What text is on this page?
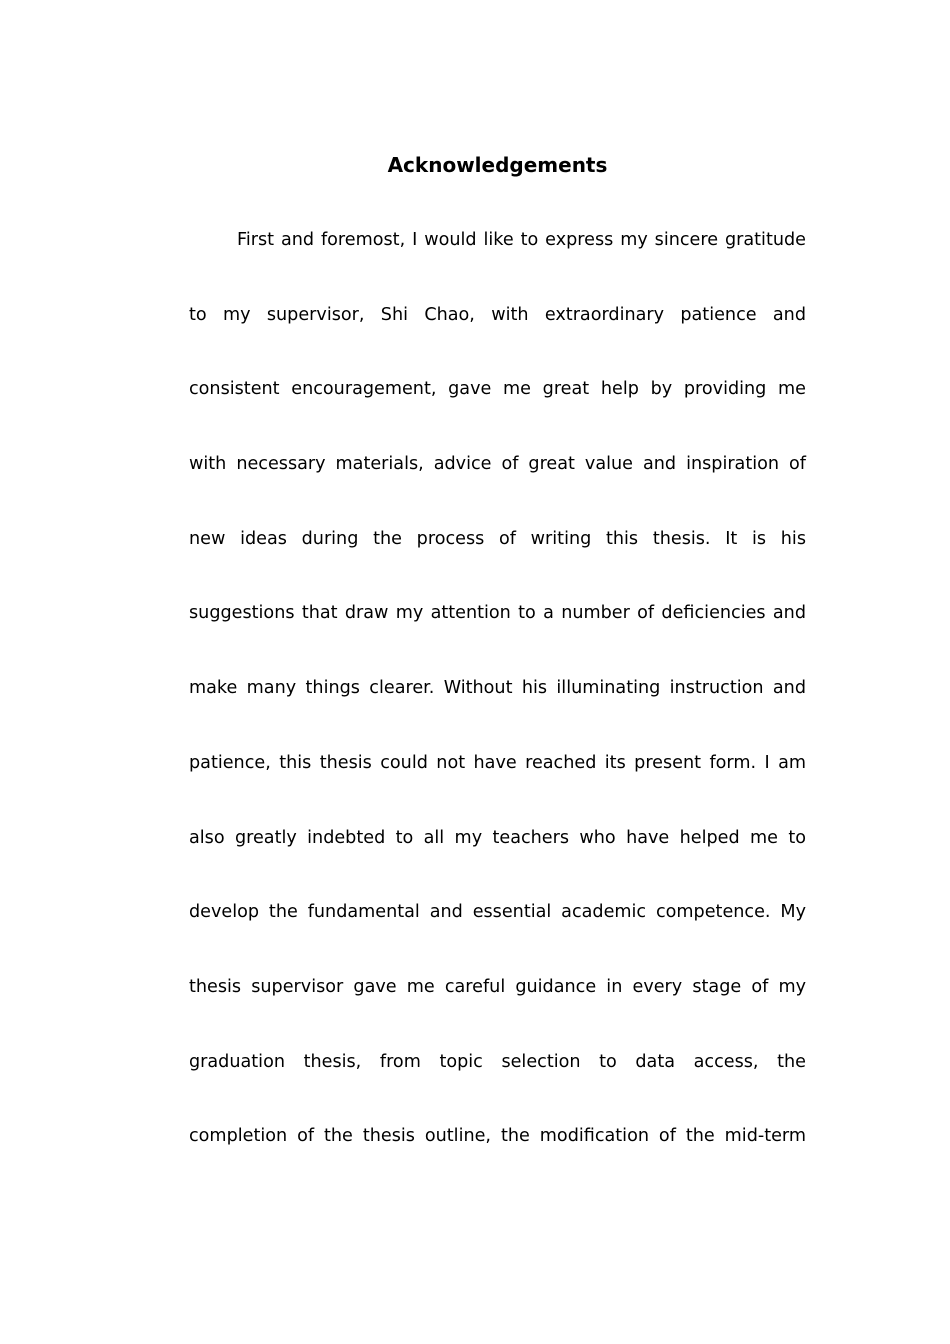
Acknowledgements
First and foremost, I would like to express my sincere gratitude
to my supervisor, Shi Chao, with extraordinary patience and
consistent encouragement, gave me great help by providing me
with necessary materials, advice of great value and inspiration of
new ideas during the process of writing this thesis. It is his
suggestions that draw my attention to a number of deficiencies and
make many things clearer. Without his illuminating instruction and
patience, this thesis could not have reached its present form. I am
also greatly indebted to all my teachers who have helped me to
develop the fundamental and essential academic competence. My
thesis supervisor gave me careful guidance in every stage of my
graduation thesis, from topic selection to data access, the
completion of the thesis outline, the modification of the mid-term
